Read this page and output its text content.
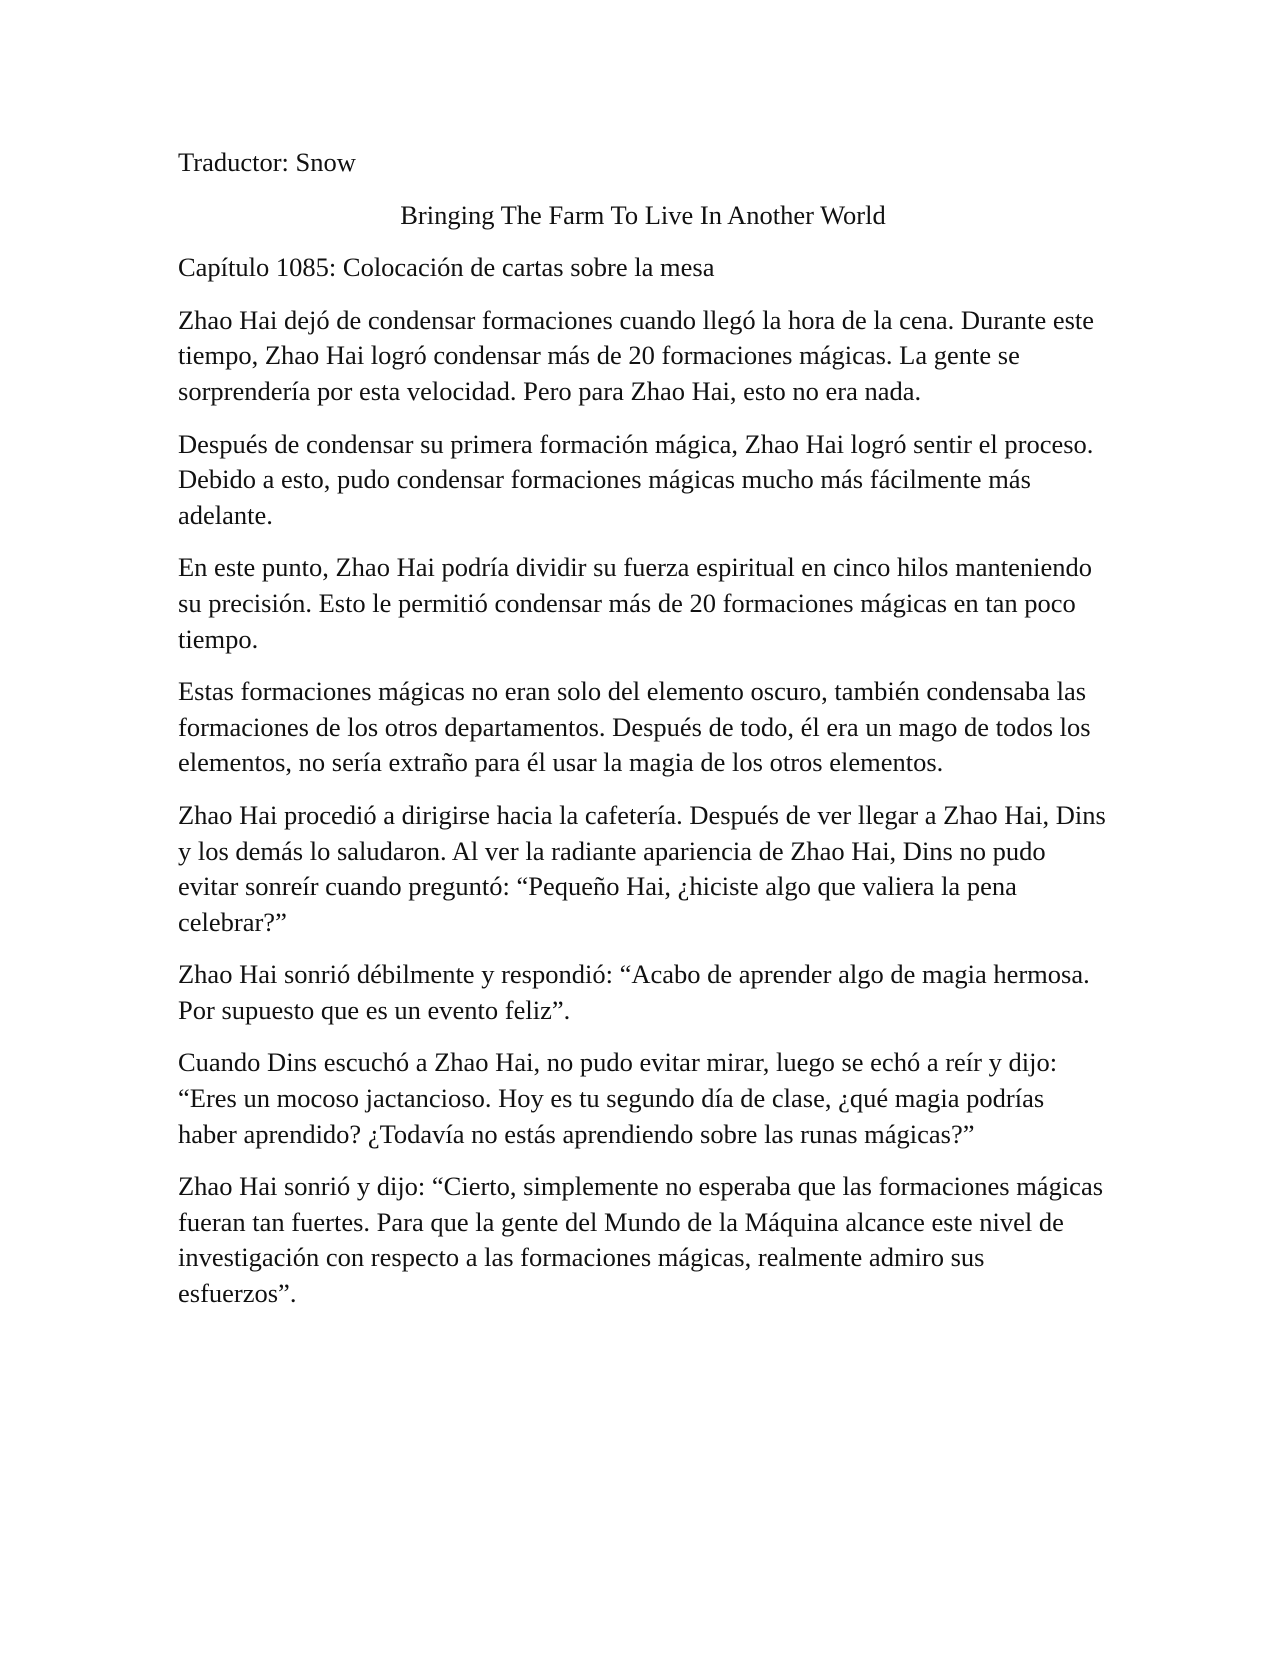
Traductor: Snow

Bringing The Farm To Live In Another World

Capítulo 1085: Colocación de cartas sobre la mesa

Zhao Hai dejó de condensar formaciones cuando llegó la hora de la cena. Durante este tiempo, Zhao Hai logró condensar más de 20 formaciones mágicas. La gente se sorprendería por esta velocidad. Pero para Zhao Hai, esto no era nada.

Después de condensar su primera formación mágica, Zhao Hai logró sentir el proceso. Debido a esto, pudo condensar formaciones mágicas mucho más fácilmente más adelante.

En este punto, Zhao Hai podría dividir su fuerza espiritual en cinco hilos manteniendo su precisión. Esto le permitió condensar más de 20 formaciones mágicas en tan poco tiempo.

Estas formaciones mágicas no eran solo del elemento oscuro, también condensaba las formaciones de los otros departamentos. Después de todo, él era un mago de todos los elementos, no sería extraño para él usar la magia de los otros elementos.

Zhao Hai procedió a dirigirse hacia la cafetería. Después de ver llegar a Zhao Hai, Dins y los demás lo saludaron. Al ver la radiante apariencia de Zhao Hai, Dins no pudo evitar sonreír cuando preguntó: “Pequeño Hai, ¿hiciste algo que valiera la pena celebrar?”

Zhao Hai sonrió débilmente y respondió: “Acabo de aprender algo de magia hermosa. Por supuesto que es un evento feliz”.

Cuando Dins escuchó a Zhao Hai, no pudo evitar mirar, luego se echó a reír y dijo: “Eres un mocoso jactancioso. Hoy es tu segundo día de clase, ¿qué magia podrías haber aprendido? ¿Todavía no estás aprendiendo sobre las runas mágicas?”

Zhao Hai sonrió y dijo: “Cierto, simplemente no esperaba que las formaciones mágicas fueran tan fuertes. Para que la gente del Mundo de la Máquina alcance este nivel de investigación con respecto a las formaciones mágicas, realmente admiro sus esfuerzos”.
